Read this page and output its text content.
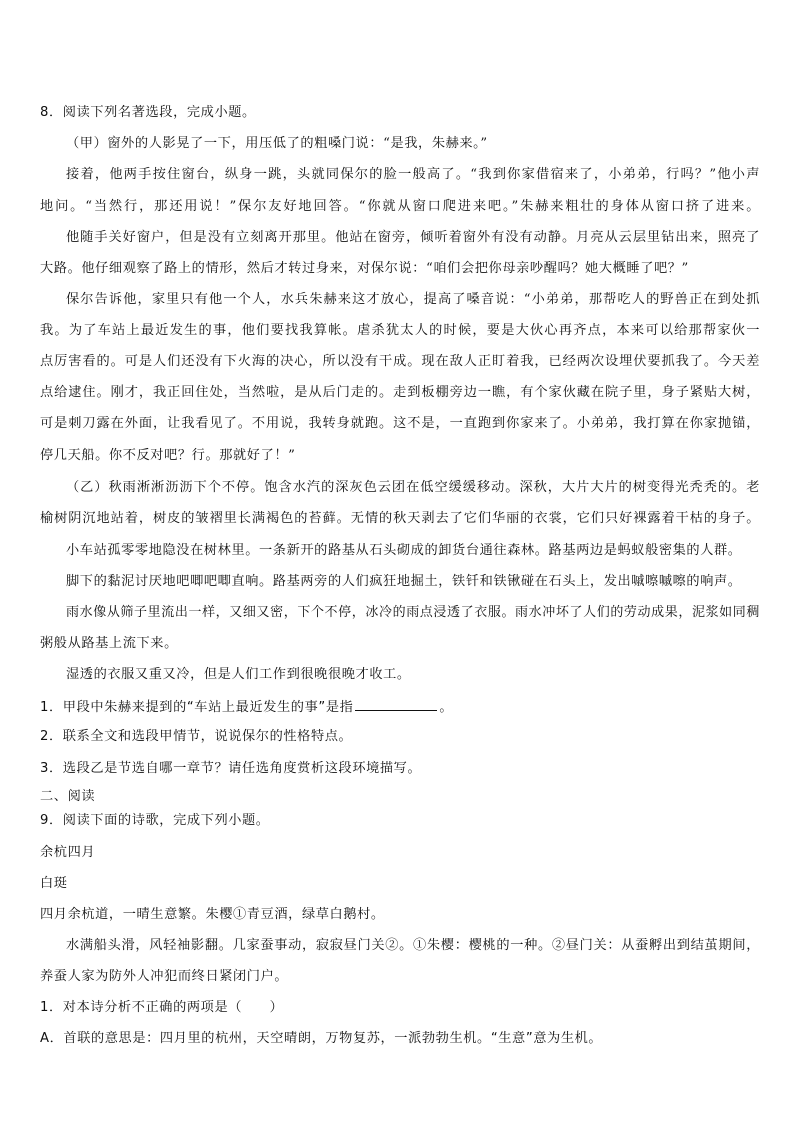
8．阅读下列名著选段，完成小题。
（甲）窗外的人影晃了一下，用压低了的粗嗓门说：“是我，朱赫来。”
接着，他两手按住窗台，纵身一跳，头就同保尔的脸一般高了。“我到你家借宿来了，小弟弟，行吗？”他小声
地问。“当然行，那还用说！”保尔友好地回答。“你就从窗口爬进来吧。”朱赫来粗壮的身体从窗口挤了进来。
他随手关好窗户，但是没有立刻离开那里。他站在窗旁，倾听着窗外有没有动静。月亮从云层里钻出来，照亮了
大路。他仔细观察了路上的情形，然后才转过身来，对保尔说：“咱们会把你母亲吵醒吗？她大概睡了吧？”
保尔告诉他，家里只有他一个人，水兵朱赫来这才放心，提高了嗓音说：“小弟弟，那帮吃人的野兽正在到处抓
我。为了车站上最近发生的事，他们要找我算帐。虐杀犹太人的时候，要是大伙心再齐点，本来可以给那帮家伙一
点厉害看的。可是人们还没有下火海的决心，所以没有干成。现在敌人正盯着我，已经两次设埋伏要抓我了。今天差
点给逮住。刚才，我正回住处，当然啦，是从后门走的。走到板棚旁边一瞧，有个家伙藏在院子里，身子紧贴大树，
可是刺刀露在外面，让我看见了。不用说，我转身就跑。这不是，一直跑到你家来了。小弟弟，我打算在你家抛锚，
停几天船。你不反对吧？行。那就好了！”
（乙）秋雨淅淅沥沥下个不停。饱含水汽的深灰色云团在低空缓缓移动。深秋，大片大片的树变得光秃秃的。老
榆树阴沉地站着，树皮的皱褶里长满褐色的苔藓。无情的秋天剥去了它们华丽的衣裳，它们只好裸露着干枯的身子。
小车站孤零零地隐没在树林里。一条新开的路基从石头砌成的卸货台通往森林。路基两边是蚂蚁般密集的人群。
脚下的黏泥讨厌地吧唧吧唧直响。路基两旁的人们疯狂地掘土，铁钎和铁锹碰在石头上，发出嘁嚓嘁嚓的响声。
雨水像从筛子里流出一样，又细又密，下个不停，冰冷的雨点浸透了衣服。雨水冲坏了人们的劳动成果，泥浆如同稠
粥般从路基上流下来。
湿透的衣服又重又冷，但是人们工作到很晚很晚才收工。
1．甲段中朱赫来提到的“车站上最近发生的事”是指	。
2．联系全文和选段甲情节，说说保尔的性格特点。
3．选段乙是节选自哪一章节？请任选角度赏析这段环境描写。
二、阅读
9．阅读下面的诗歌，完成下列小题。
余杭四月
白珽
四月余杭道，一晴生意繁。朱樱①青豆酒，绿草白鹅村。
水满船头滑，风轻袖影翻。几家蚕事动，寂寂昼门关②。①朱樱：樱桃的一种。②昼门关：从蚕孵出到结茧期间，
养蚕人家为防外人冲犯而终日紧闭门户。
1．对本诗分析不正确的两项是（　　）
A．首联的意思是：四月里的杭州，天空晴朗，万物复苏，一派勃勃生机。“生意”意为生机。
